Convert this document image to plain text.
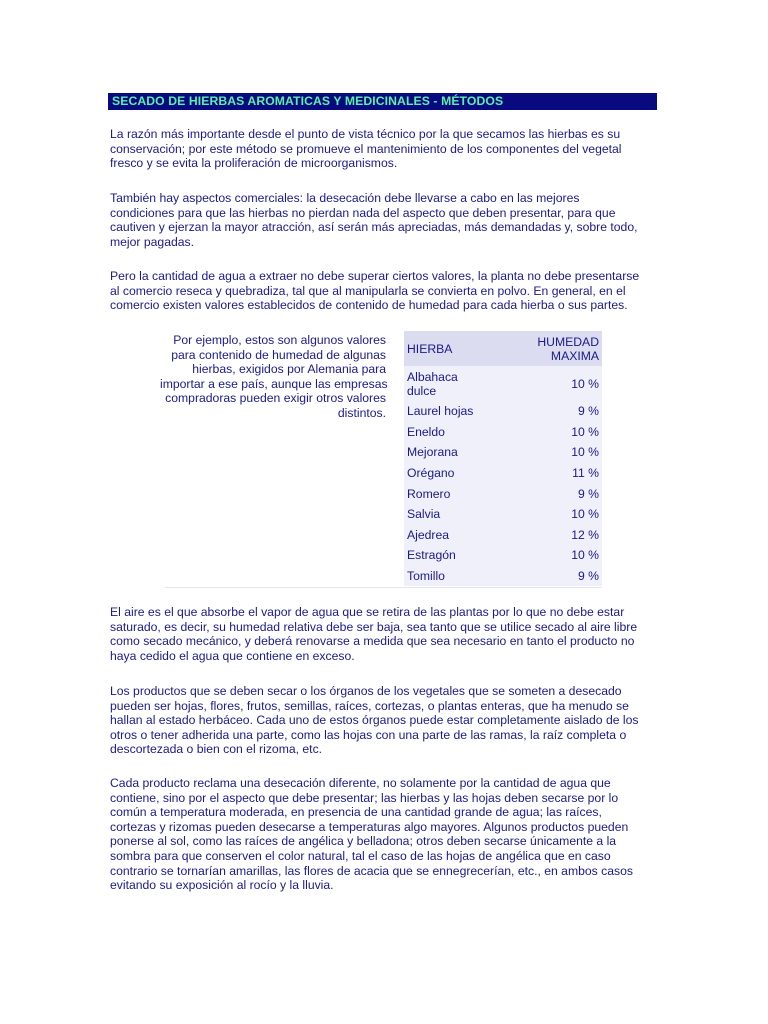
SECADO DE HIERBAS AROMATICAS Y MEDICINALES - MÉTODOS
La razón más importante desde el punto de vista técnico por la que secamos las hierbas es su
conservación; por este método se promueve el mantenimiento de los componentes del vegetal
fresco y se evita la proliferación de microorganismos.
También hay aspectos comerciales: la desecación debe llevarse a cabo en las mejores
condiciones para que las hierbas no pierdan nada del aspecto que deben presentar, para que
cautiven y ejerzan la mayor atracción, así serán más apreciadas, más demandadas y, sobre todo,
mejor pagadas.
Pero la cantidad de agua a extraer no debe superar ciertos valores, la planta no debe presentarse
al comercio reseca y quebradiza, tal que al manipularla se convierta en polvo. En general, en el
comercio existen valores establecidos de contenido de humedad para cada hierba o sus partes.
Por ejemplo, estos son algunos valores
para contenido de humedad de algunas
hierbas, exigidos por Alemania para
importar a ese país, aunque las empresas
compradoras pueden exigir otros valores
distintos.
HIERBA	HUMEDAD
MAXIMA
Albahaca
dulce	10 %
Laurel hojas	9 %
Eneldo	10 %
Mejorana	10 %
Orégano	11 %
Romero	9 %
Salvia	10 %
Ajedrea	12 %
Estragón	10 %
Tomillo	9 %
El aire es el que absorbe el vapor de agua que se retira de las plantas por lo que no debe estar
saturado, es decir, su humedad relativa debe ser baja, sea tanto que se utilice secado al aire libre
como secado mecánico, y deberá renovarse a medida que sea necesario en tanto el producto no
haya cedido el agua que contiene en exceso.
Los productos que se deben secar o los órganos de los vegetales que se someten a desecado
pueden ser hojas, flores, frutos, semillas, raíces, cortezas, o plantas enteras, que ha menudo se
hallan al estado herbáceo. Cada uno de estos órganos puede estar completamente aislado de los
otros o tener adherida una parte, como las hojas con una parte de las ramas, la raíz completa o
descortezada o bien con el rizoma, etc.
Cada producto reclama una desecación diferente, no solamente por la cantidad de agua que
contiene, sino por el aspecto que debe presentar; las hierbas y las hojas deben secarse por lo
común a temperatura moderada, en presencia de una cantidad grande de agua; las raíces,
cortezas y rizomas pueden desecarse a temperaturas algo mayores. Algunos productos pueden
ponerse al sol, como las raíces de angélica y belladona; otros deben secarse únicamente a la
sombra para que conserven el color natural, tal el caso de las hojas de angélica que en caso
contrario se tornarían amarillas, las flores de acacia que se ennegrecerían, etc., en ambos casos
evitando su exposición al rocío y la lluvia.
